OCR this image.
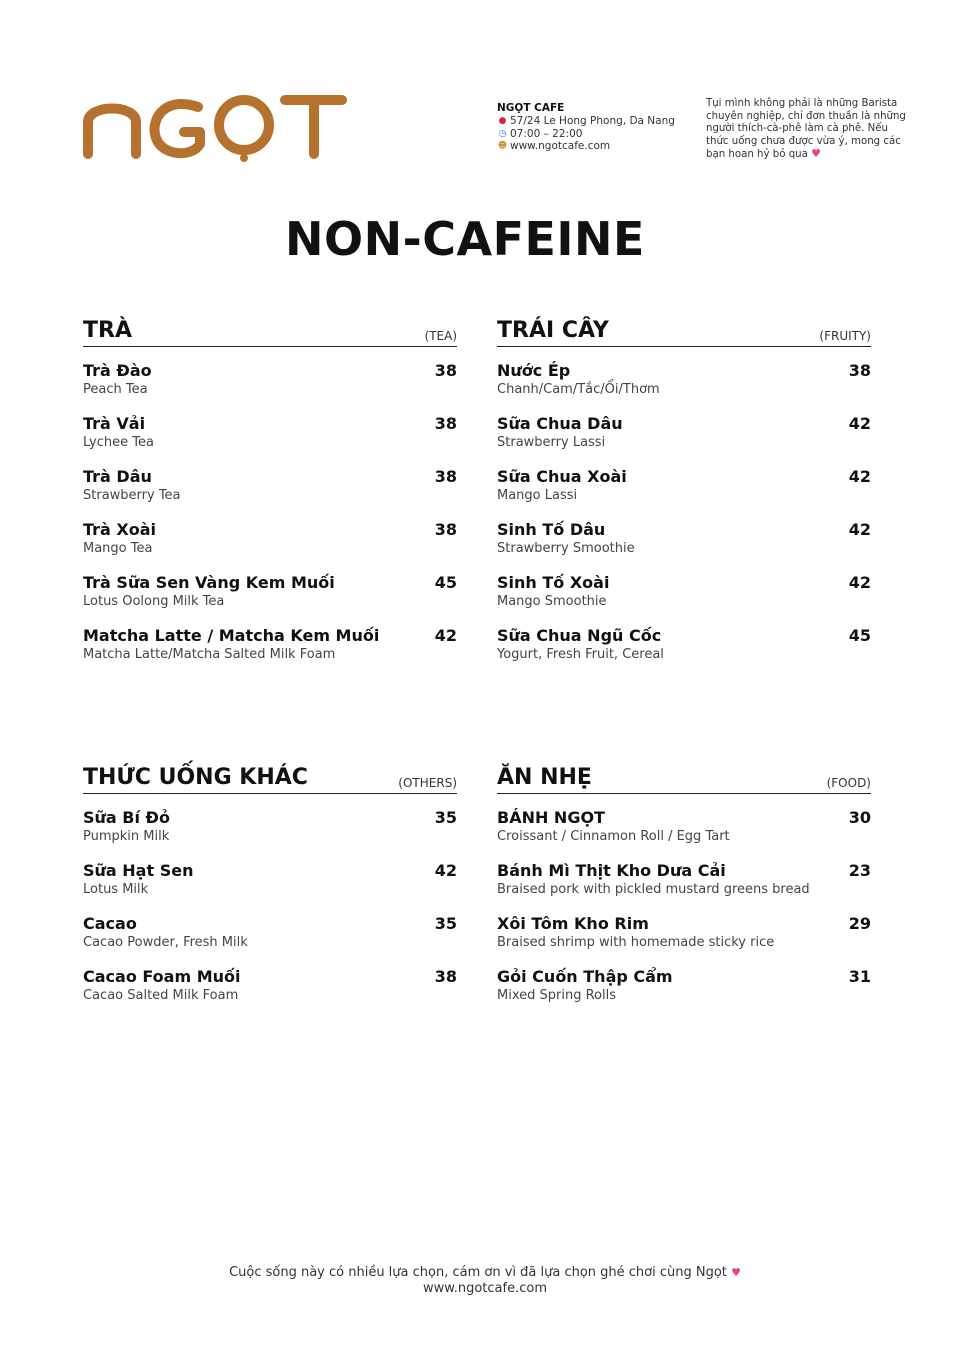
NGỌT CAFE
● 57/24 Le Hong Phong, Da Nang
◷ 07:00 – 22:00
☻ www.ngotcafe.com
Tụi mình không phải là những Barista chuyên nghiệp, chỉ đơn thuần là những người thích-cà-phê làm cà phê. Nếu thức uống chưa được vừa ý, mong các bạn hoan hỷ bỏ qua ♥
NON-CAFEINE
TRÀ	(TEA)
Trà Đào	38
Peach Tea
Trà Vải	38
Lychee Tea
Trà Dâu	38
Strawberry Tea
Trà Xoài	38
Mango Tea
Trà Sữa Sen Vàng Kem Muối	45
Lotus Oolong Milk Tea
Matcha Latte / Matcha Kem Muối	42
Matcha Latte/Matcha Salted Milk Foam
TRÁI CÂY	(FRUITY)
Nước Ép	38
Chanh/Cam/Tắc/Ổi/Thơm
Sữa Chua Dâu	42
Strawberry Lassi
Sữa Chua Xoài	42
Mango Lassi
Sinh Tố Dâu	42
Strawberry Smoothie
Sinh Tố Xoài	42
Mango Smoothie
Sữa Chua Ngũ Cốc	45
Yogurt, Fresh Fruit, Cereal
THỨC UỐNG KHÁC	(OTHERS)
Sữa Bí Đỏ	35
Pumpkin Milk
Sữa Hạt Sen	42
Lotus Milk
Cacao	35
Cacao Powder, Fresh Milk
Cacao Foam Muối	38
Cacao Salted Milk Foam
ĂN NHẸ	(FOOD)
BÁNH NGỌT	30
Croissant / Cinnamon Roll / Egg Tart
Bánh Mì Thịt Kho Dưa Cải	23
Braised pork with pickled mustard greens bread
Xôi Tôm Kho Rim	29
Braised shrimp with homemade sticky rice
Gỏi Cuốn Thập Cẩm	31
Mixed Spring Rolls
Cuộc sống này có nhiều lựa chọn, cám ơn vì đã lựa chọn ghé chơi cùng Ngọt ♥
www.ngotcafe.com
